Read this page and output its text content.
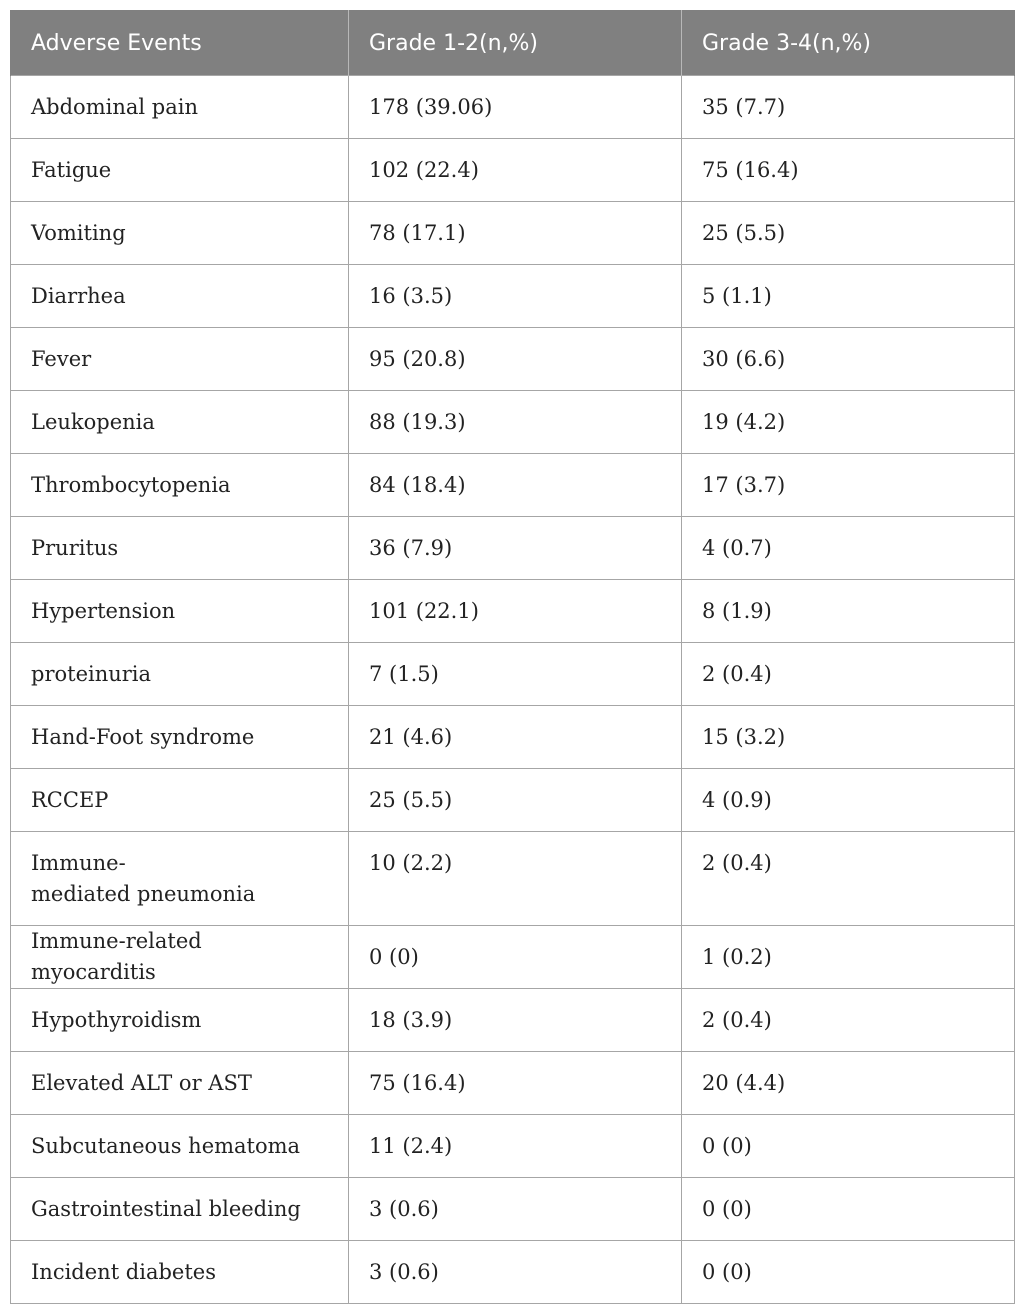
Adverse Events	Grade 1-2(n,%)	Grade 3-4(n,%)
Abdominal pain	178 (39.06)	35 (7.7)
Fatigue	102 (22.4)	75 (16.4)
Vomiting	78 (17.1)	25 (5.5)
Diarrhea	16 (3.5)	5 (1.1)
Fever	95 (20.8)	30 (6.6)
Leukopenia	88 (19.3)	19 (4.2)
Thrombocytopenia	84 (18.4)	17 (3.7)
Pruritus	36 (7.9)	4 (0.7)
Hypertension	101 (22.1)	8 (1.9)
proteinuria	7 (1.5)	2 (0.4)
Hand-Foot syndrome	21 (4.6)	15 (3.2)
RCCEP	25 (5.5)	4 (0.9)
Immune-
mediated pneumonia	10 (2.2)	2 (0.4)
Immune-related myocarditis	0 (0)	1 (0.2)
Hypothyroidism	18 (3.9)	2 (0.4)
Elevated ALT or AST	75 (16.4)	20 (4.4)
Subcutaneous hematoma	11 (2.4)	0 (0)
Gastrointestinal bleeding	3 (0.6)	0 (0)
Incident diabetes	3 (0.6)	0 (0)
